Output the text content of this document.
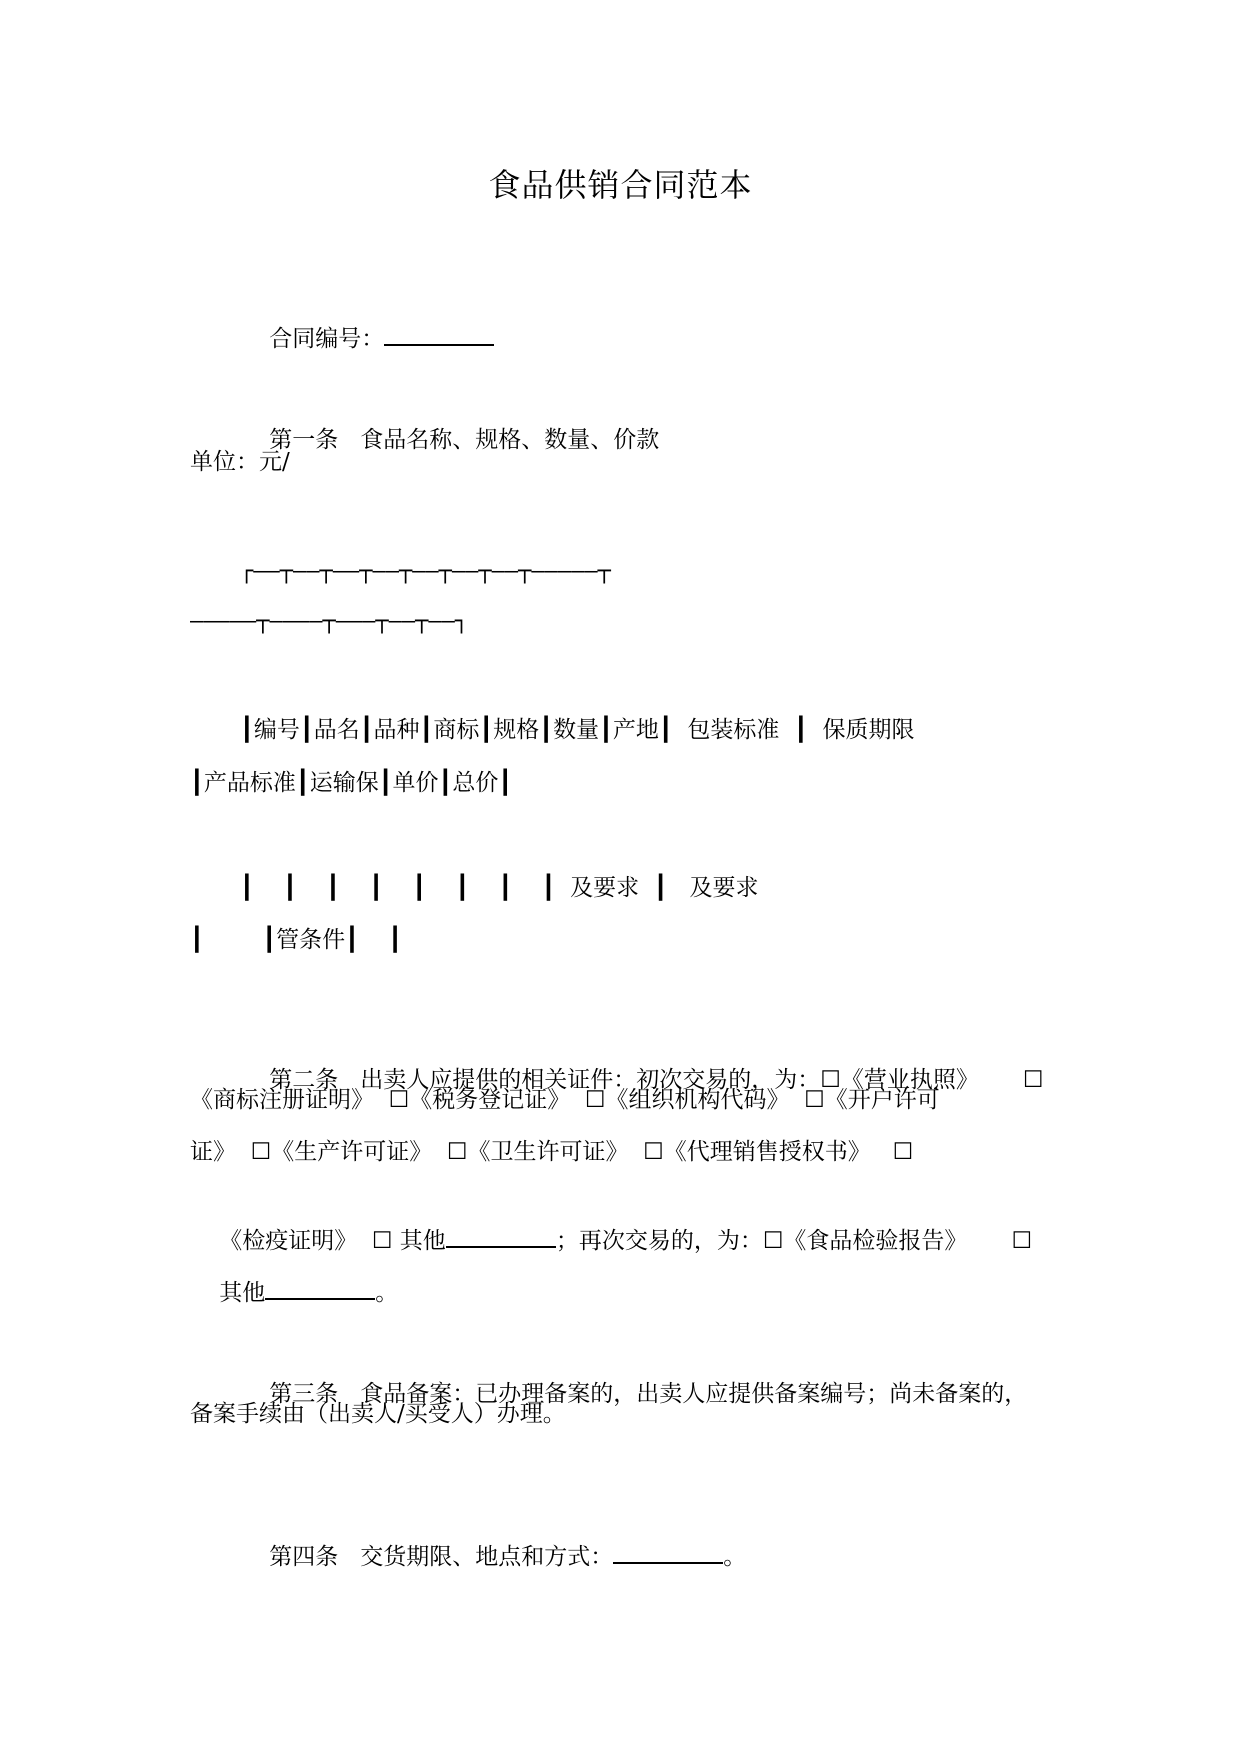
食品供销合同范本

合同编号：

第一条 食品名称、规格、数量、价款

单位：元/
┌——┬——┬——┬——┬——┬——┬——┬—————┬
—————┬————┬———┬——┬——┐
┃编号┃品名┃品种┃商标┃规格┃数量┃产地┃  包装标准  ┃  保质期限
┃产品标准┃运输保┃单价┃总价┃
┃    ┃    ┃    ┃    ┃    ┃    ┃    ┃  及要求  ┃   及要求
┃        ┃管条件┃    ┃

第二条 出卖人应提供的相关证件：初次交易的，为：☐《营业执照》 ☐

《商标注册证明》  ☐《税务登记证》  ☐《组织机构代码》  ☐《开户许可
证》  ☐《生产许可证》  ☐《卫生许可证》  ☐《代理销售授权书》   ☐

《检疫证明》  ☐ 其他	；再次交易的，为：☐《食品检验报告》 ☐

其他	。

第三条 食品备案：已办理备案的，出卖人应提供备案编号；尚未备案的，

备案手续由（出卖人/买受人）办理。

第四条 交货期限、地点和方式：	。
